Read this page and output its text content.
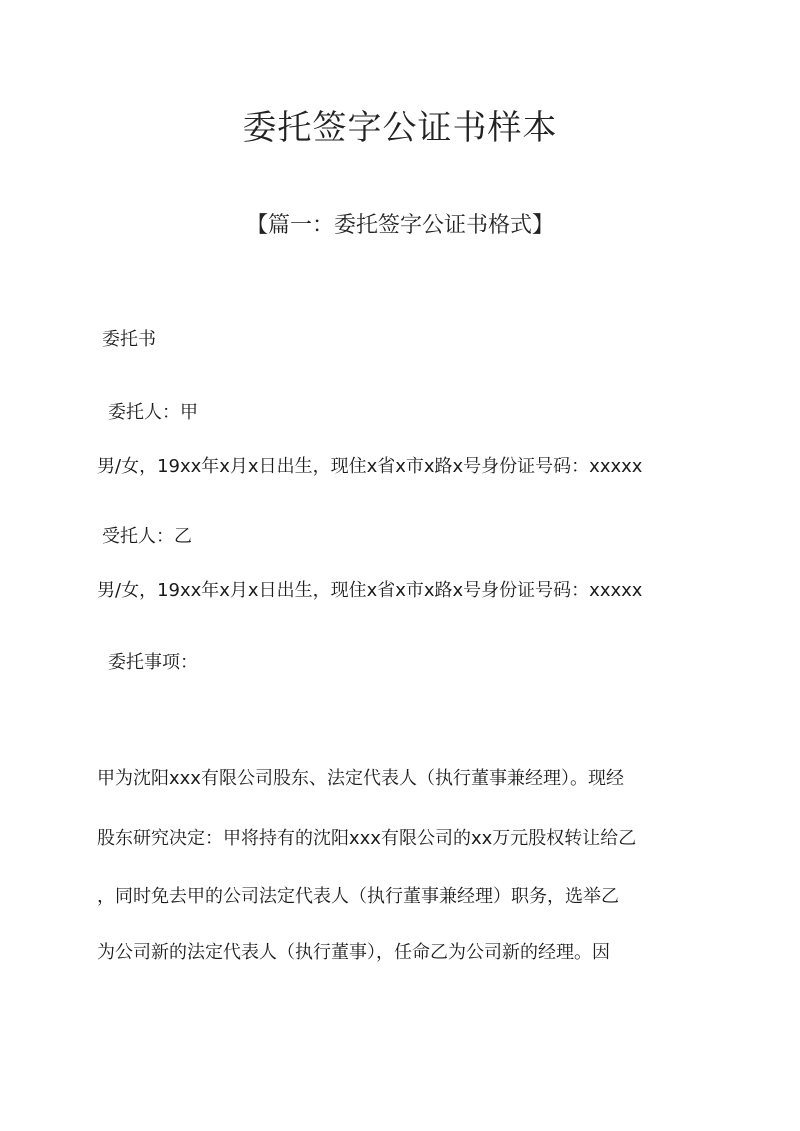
委托签字公证书样本
【篇一：委托签字公证书格式】

委托书

委托人：甲

男/女，19xx年x月x日出生，现住x省x市x路x号身份证号码：xxxxx

受托人：乙

男/女，19xx年x月x日出生，现住x省x市x路x号身份证号码：xxxxx

委托事项：

甲为沈阳xxx有限公司股东、法定代表人（执行董事兼经理）。现经

股东研究决定：甲将持有的沈阳xxx有限公司的xx万元股权转让给乙

，同时免去甲的公司法定代表人（执行董事兼经理）职务，选举乙

为公司新的法定代表人（执行董事），任命乙为公司新的经理。因
